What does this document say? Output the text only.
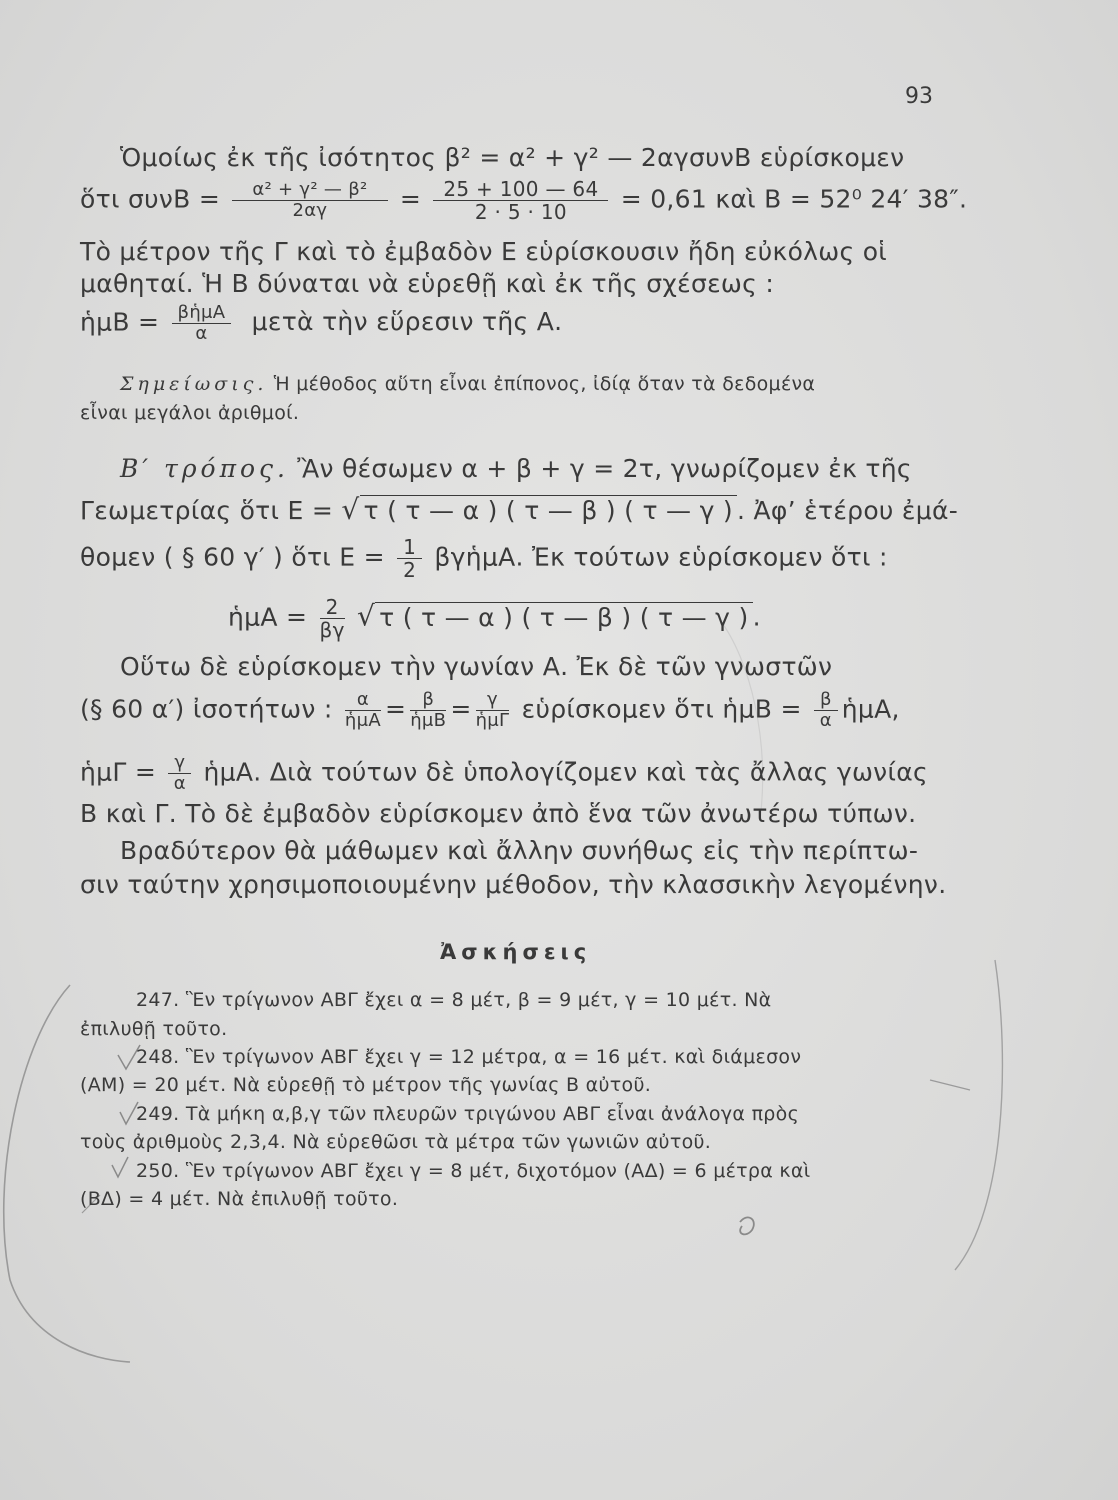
93
Ὁμοίως ἐκ τῆς ἰσότητος β² = α² + γ² — 2αγσυνΒ εὑρίσκομεν
ὅτι $\sigma\upsilon\nu B = \frac{\text{α² + γ² — β²}}{2\alpha\gamma} = \frac{25 + 100 — 64}{2 \cdot 5 \cdot 10} = 0,61$ καὶ Β = 52⁰ 24′ 38″.
Τὸ μέτρον τῆς Γ καὶ τὸ ἐμβαδὸν Ε εὑρίσκουσιν ἤδη εὐκόλως οἱ
μαθηταί. Ἡ Β δύναται νὰ εὑρεθῇ καὶ ἐκ τῆς σχέσεως :
ἡμΒ = $\frac{\text{βἡμΑ}}{\alpha}$ μετὰ τὴν εὕρεσιν τῆς Α.
Σημείωσις. Ἡ μέθοδος αὕτη εἶναι ἐπίπονος, ἰδίᾳ ὅταν τὰ δεδομένα
εἶναι μεγάλοι ἀριθμοί.
Β′ τρόπος. Ἂν θέσωμεν α + β + γ = 2τ, γνωρίζομεν ἐκ τῆς
Γεωμετρίας ὅτι Ε = √ τ ( τ — α ) ( τ — β ) ( τ — γ ) . Ἀφ’ ἑτέρου ἐμά-
θομεν ( § 60 γ′ ) ὅτι $E = \frac{1}{2}$ βγἡμΑ. Ἐκ τούτων εὑρίσκομεν ὅτι :
ἡμΑ = $\frac{2}{\beta\gamma}$ √ τ ( τ — α ) ( τ — β ) ( τ — γ ) .
Οὕτω δὲ εὑρίσκομεν τὴν γωνίαν Α. Ἐκ δὲ τῶν γνωστῶν
(§ 60 α′) ἰσοτήτων : $\frac{\alpha}{\text{ἡμΑ}} = \frac{\beta}{\text{ἡμΒ}} = \frac{\gamma}{\text{ἡμΓ}}$ εὑρίσκομεν ὅτι ἡμΒ = $\frac{\beta}{\alpha}$ ἡμΑ,
ἡμΓ = $\frac{\gamma}{\alpha}$ ἡμΑ. Διὰ τούτων δὲ ὑπολογίζομεν καὶ τὰς ἄλλας γωνίας
Β καὶ Γ. Τὸ δὲ ἐμβαδὸν εὑρίσκομεν ἀπὸ ἕνα τῶν ἀνωτέρω τύπων.
Βραδύτερον θὰ μάθωμεν καὶ ἄλλην συνήθως εἰς τὴν περίπτω-
σιν ταύτην χρησιμοποιουμένην μέθοδον, τὴν κλασσικὴν λεγομένην.
Ἀσκήσεις
247. Ἓν τρίγωνον ΑΒΓ ἔχει α = 8 μέτ, β = 9 μέτ, γ = 10 μέτ. Νὰ
ἐπιλυθῇ τοῦτο.
248. Ἓν τρίγωνον ΑΒΓ ἔχει γ = 12 μέτρα, α = 16 μέτ. καὶ διάμεσον
(ΑΜ) = 20 μέτ. Νὰ εὑρεθῇ τὸ μέτρον τῆς γωνίας Β αὐτοῦ.
249. Τὰ μήκη α,β,γ τῶν πλευρῶν τριγώνου ΑΒΓ εἶναι ἀνάλογα πρὸς
τοὺς ἀριθμοὺς 2,3,4. Νὰ εὑρεθῶσι τὰ μέτρα τῶν γωνιῶν αὐτοῦ.
250. Ἓν τρίγωνον ΑΒΓ ἔχει γ = 8 μέτ, διχοτόμον (ΑΔ) = 6 μέτρα καὶ
(ΒΔ) = 4 μέτ. Νὰ ἐπιλυθῇ τοῦτο.
